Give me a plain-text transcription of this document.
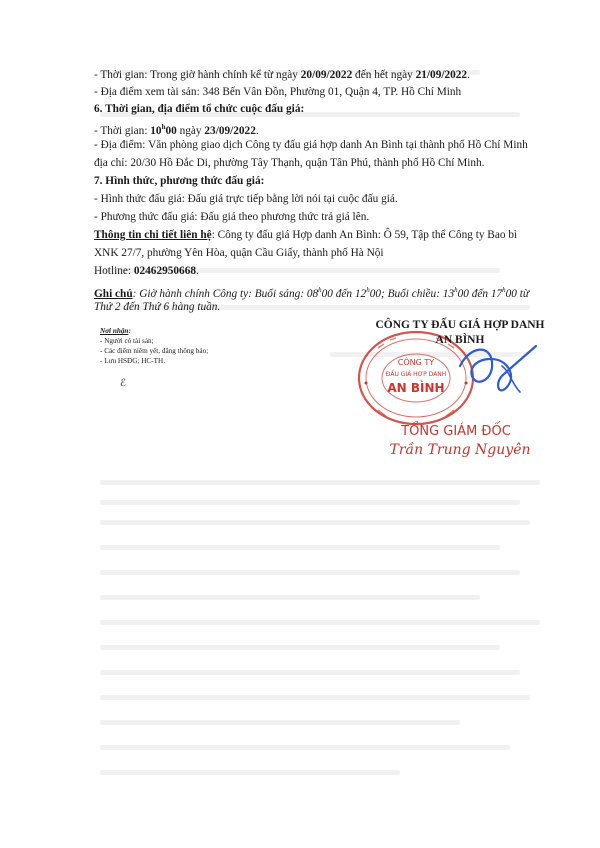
- Thời gian: Trong giờ hành chính kể từ ngày 20/09/2022 đến hết ngày 21/09/2022.
- Địa điểm xem tài sản: 348 Bến Vân Đồn, Phường 01, Quận 4, TP. Hồ Chí Minh
6. Thời gian, địa điểm tổ chức cuộc đấu giá:
- Thời gian: 10$^h$00 ngày 23/09/2022.
- Địa điểm: Văn phòng giao dịch Công ty đấu giá hợp danh An Bình tại thành phố Hồ Chí Minh
địa chỉ: 20/30 Hồ Đắc Di, phường Tây Thạnh, quận Tân Phú, thành phố Hồ Chí Minh.
7. Hình thức, phương thức đấu giá:
- Hình thức đấu giá: Đấu giá trực tiếp bằng lời nói tại cuộc đấu giá.
- Phương thức đấu giá: Đấu giá theo phương thức trả giá lên.
Thông tin chi tiết liên hệ: Công ty đấu giá Hợp danh An Bình: Ô 59, Tập thể Công ty Bao bì
XNK 27/7, phường Yên Hòa, quận Cầu Giấy, thành phố Hà Nội
Hotline: 02462950668.
Ghi chú: Giờ hành chính Công ty: Buổi sáng: 08$^h$00 đến 12$^h$00; Buổi chiều: 13$^h$00 đến 17$^h$00 từ
Thứ 2 đến Thứ 6 hàng tuần.
Nơi nhận:
- Người có tài sản;
- Các điểm niêm yết, đăng thông báo;
- Lưu HSĐG; HC-TH.
ℰ
CÔNG TY
ĐẤU GIÁ HỢP DANH
AN BÌNH
CÔNG TY ĐẤU GIÁ HỢP DANH
AN BÌNH
TỔNG GIÁM ĐỐC
Trần Trung Nguyên
